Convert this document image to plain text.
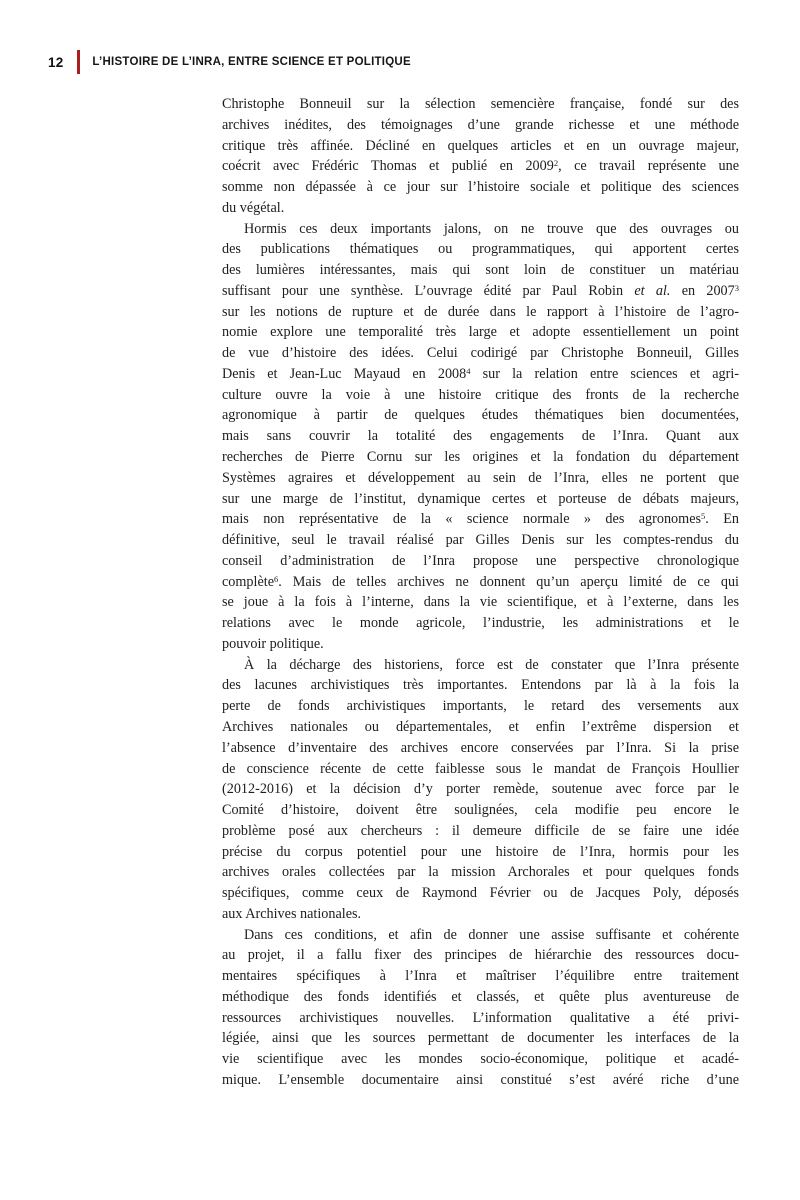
12	L’HISTOIRE DE L’INRA, ENTRE SCIENCE ET POLITIQUE
Christophe Bonneuil sur la sélection semencière française, fondé sur des
archives inédites, des témoignages d’une grande richesse et une méthode
critique très affinée. Décliné en quelques articles et en un ouvrage majeur,
coécrit avec Frédéric Thomas et publié en 2009$^2$, ce travail représente une
somme non dépassée à ce jour sur l’histoire sociale et politique des sciences
du végétal.
Hormis ces deux importants jalons, on ne trouve que des ouvrages ou
des publications thématiques ou programmatiques, qui apportent certes
des lumières intéressantes, mais qui sont loin de constituer un matériau
suffisant pour une synthèse. L’ouvrage édité par Paul Robin et al. en 2007$^3$
sur les notions de rupture et de durée dans le rapport à l’histoire de l’agro-
nomie explore une temporalité très large et adopte essentiellement un point
de vue d’histoire des idées. Celui codirigé par Christophe Bonneuil, Gilles
Denis et Jean-Luc Mayaud en 2008$^4$ sur la relation entre sciences et agri-
culture ouvre la voie à une histoire critique des fronts de la recherche
agronomique à partir de quelques études thématiques bien documentées,
mais sans couvrir la totalité des engagements de l’Inra. Quant aux
recherches de Pierre Cornu sur les origines et la fondation du département
Systèmes agraires et développement au sein de l’Inra, elles ne portent que
sur une marge de l’institut, dynamique certes et porteuse de débats majeurs,
mais non représentative de la « science normale » des agronomes$^5$. En
définitive, seul le travail réalisé par Gilles Denis sur les comptes-rendus du
conseil d’administration de l’Inra propose une perspective chronologique
complète$^6$. Mais de telles archives ne donnent qu’un aperçu limité de ce qui
se joue à la fois à l’interne, dans la vie scientifique, et à l’externe, dans les
relations avec le monde agricole, l’industrie, les administrations et le
pouvoir politique.
À la décharge des historiens, force est de constater que l’Inra présente
des lacunes archivistiques très importantes. Entendons par là à la fois la
perte de fonds archivistiques importants, le retard des versements aux
Archives nationales ou départementales, et enfin l’extrême dispersion et
l’absence d’inventaire des archives encore conservées par l’Inra. Si la prise
de conscience récente de cette faiblesse sous le mandat de François Houllier
(2012-2016) et la décision d’y porter remède, soutenue avec force par le
Comité d’histoire, doivent être soulignées, cela modifie peu encore le
problème posé aux chercheurs : il demeure difficile de se faire une idée
précise du corpus potentiel pour une histoire de l’Inra, hormis pour les
archives orales collectées par la mission Archorales et pour quelques fonds
spécifiques, comme ceux de Raymond Février ou de Jacques Poly, déposés
aux Archives nationales.
Dans ces conditions, et afin de donner une assise suffisante et cohérente
au projet, il a fallu fixer des principes de hiérarchie des ressources docu-
mentaires spécifiques à l’Inra et maîtriser l’équilibre entre traitement
méthodique des fonds identifiés et classés, et quête plus aventureuse de
ressources archivistiques nouvelles. L’information qualitative a été privi-
légiée, ainsi que les sources permettant de documenter les interfaces de la
vie scientifique avec les mondes socio-économique, politique et acadé-
mique. L’ensemble documentaire ainsi constitué s’est avéré riche d’une
